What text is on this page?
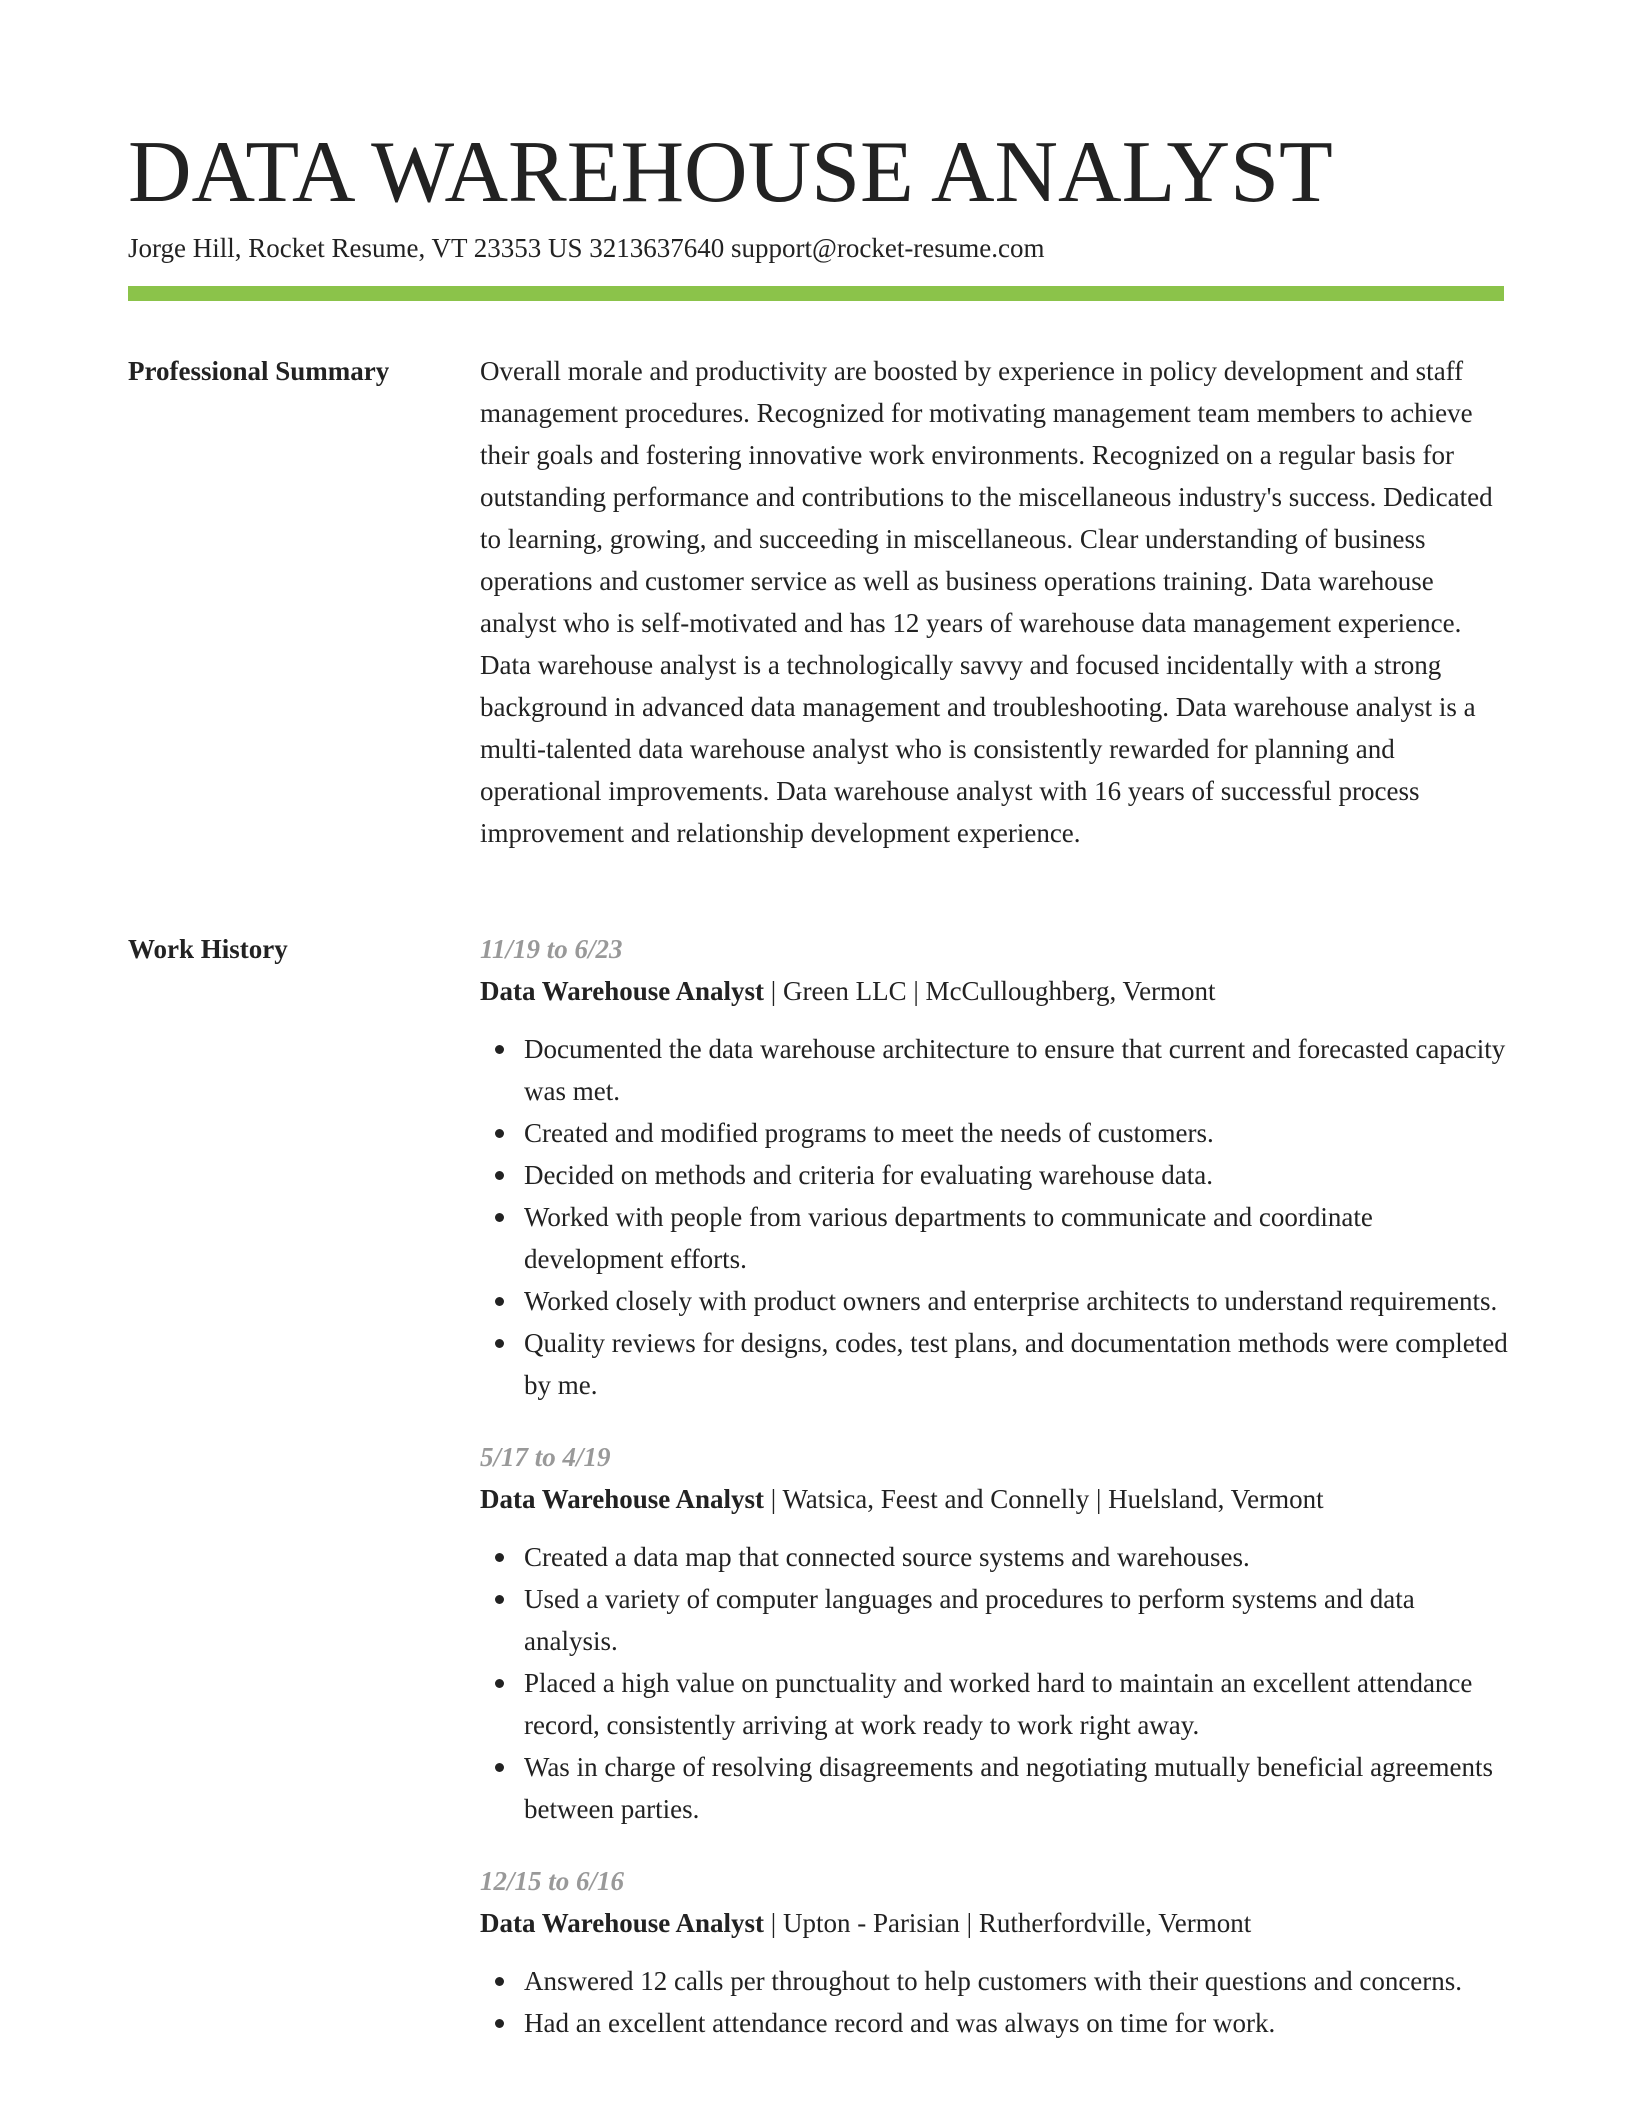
DATA WAREHOUSE ANALYST
Jorge Hill, Rocket Resume, VT 23353 US 3213637640 support@rocket-resume.com
Professional Summary	Overall morale and productivity are boosted by experience in policy development and staff management procedures. Recognized for motivating management team members to achieve their goals and fostering innovative work environments. Recognized on a regular basis for outstanding performance and contributions to the miscellaneous industry's success. Dedicated to learning, growing, and succeeding in miscellaneous. Clear understanding of business operations and customer service as well as business operations training. Data warehouse analyst who is self-motivated and has 12 years of warehouse data management experience. Data warehouse analyst is a technologically savvy and focused incidentally with a strong background in advanced data management and troubleshooting. Data warehouse analyst is a multi-talented data warehouse analyst who is consistently rewarded for planning and operational improvements. Data warehouse analyst with 16 years of successful process improvement and relationship development experience.

Work History	11/19 to 6/23
Data Warehouse Analyst | Green LLC | McCulloughberg, Vermont
Documented the data warehouse architecture to ensure that current and forecasted capacity was met.
Created and modified programs to meet the needs of customers.
Decided on methods and criteria for evaluating warehouse data.
Worked with people from various departments to communicate and coordinate development efforts.
Worked closely with product owners and enterprise architects to understand requirements.
Quality reviews for designs, codes, test plans, and documentation methods were completed by me.
5/17 to 4/19
Data Warehouse Analyst | Watsica, Feest and Connelly | Huelsland, Vermont
Created a data map that connected source systems and warehouses.
Used a variety of computer languages and procedures to perform systems and data analysis.
Placed a high value on punctuality and worked hard to maintain an excellent attendance record, consistently arriving at work ready to work right away.
Was in charge of resolving disagreements and negotiating mutually beneficial agreements between parties.
12/15 to 6/16
Data Warehouse Analyst | Upton - Parisian | Rutherfordville, Vermont
Answered 12 calls per throughout to help customers with their questions and concerns.
Had an excellent attendance record and was always on time for work.
